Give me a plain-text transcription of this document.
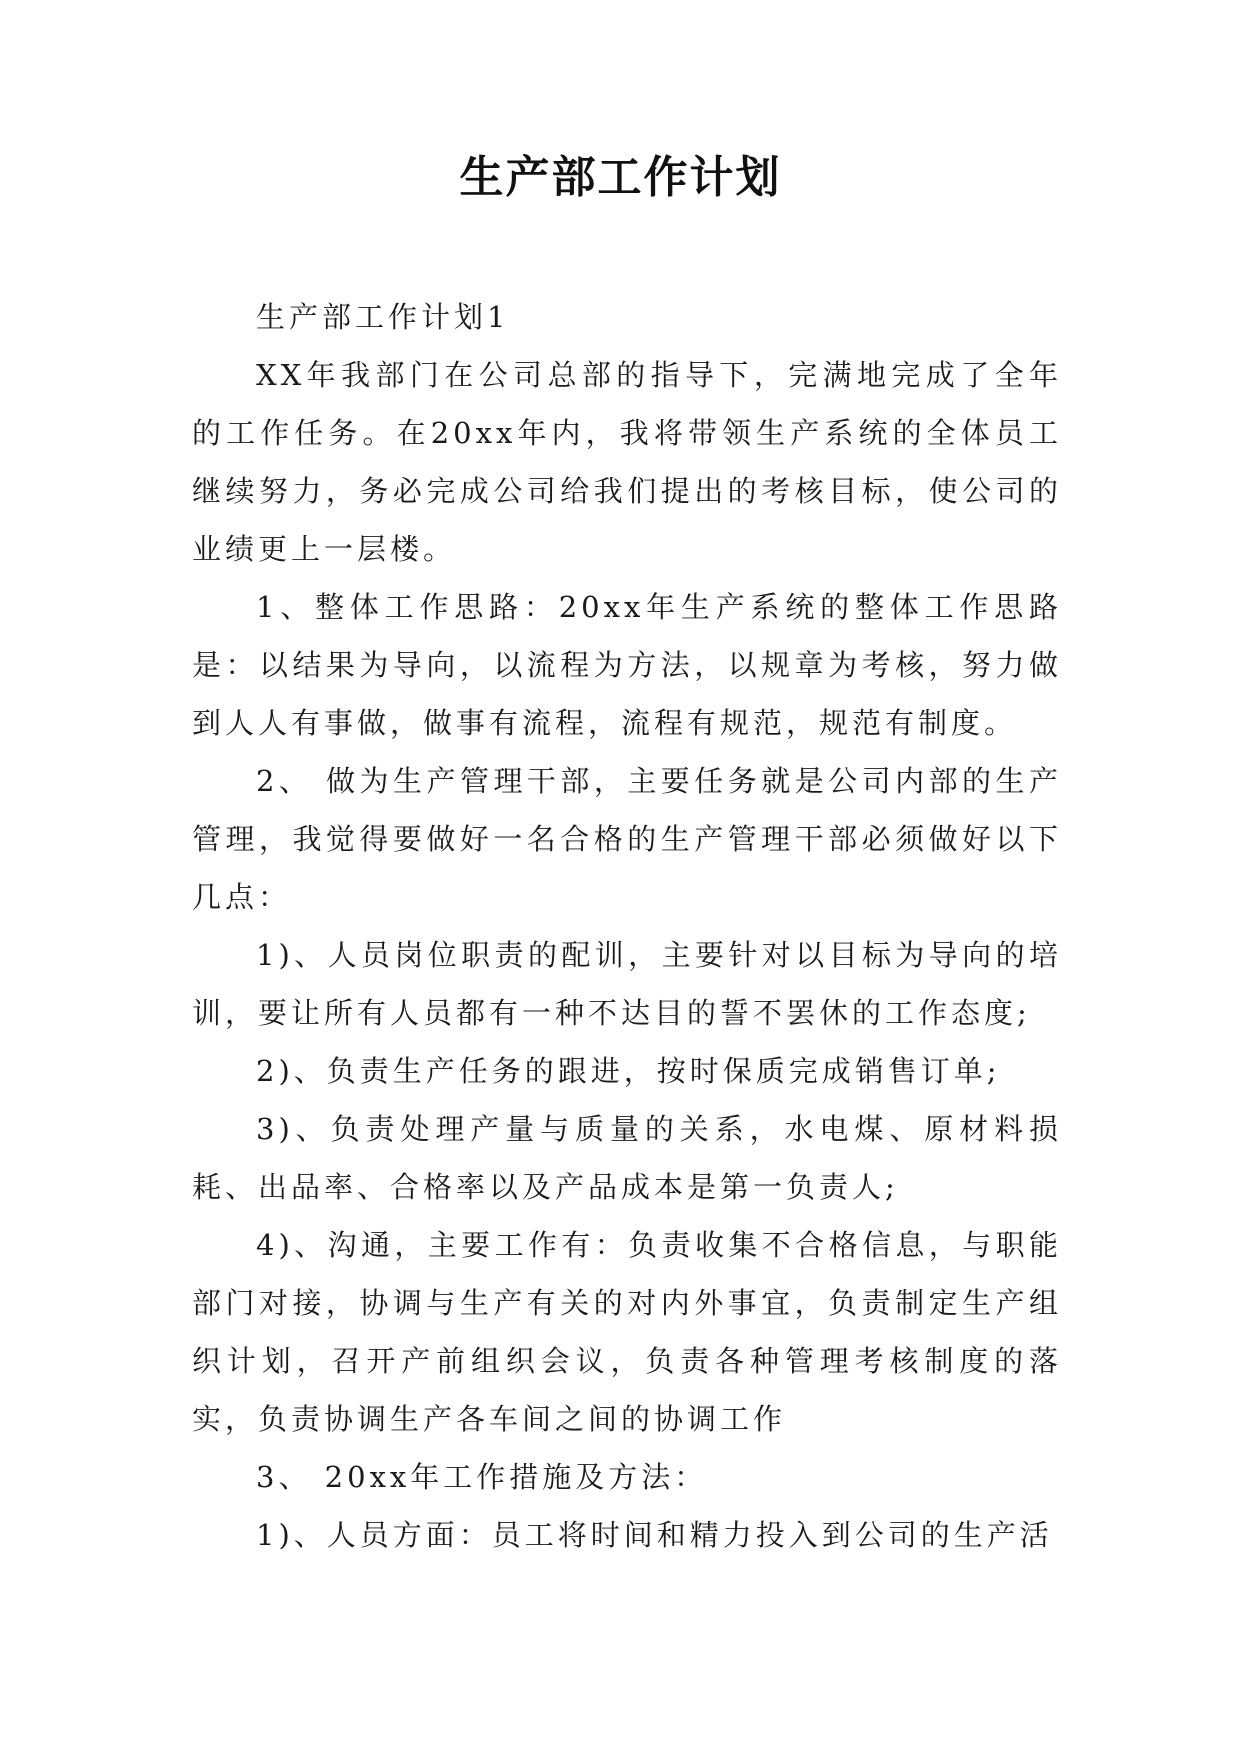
生产部工作计划

生产部工作计划1

XX年我部门在公司总部的指导下，完满地完成了全年的工作任务。在20xx年内，我将带领生产系统的全体员工继续努力，务必完成公司给我们提出的考核目标，使公司的业绩更上一层楼。

1、整体工作思路：20xx年生产系统的整体工作思路是：以结果为导向，以流程为方法，以规章为考核，努力做到人人有事做，做事有流程，流程有规范，规范有制度。

2、 做为生产管理干部，主要任务就是公司内部的生产管理，我觉得要做好一名合格的生产管理干部必须做好以下几点：

1)、人员岗位职责的配训，主要针对以目标为导向的培训，要让所有人员都有一种不达目的誓不罢休的工作态度;

2)、负责生产任务的跟进，按时保质完成销售订单;

3)、负责处理产量与质量的关系，水电煤、原材料损耗、出品率、合格率以及产品成本是第一负责人;

4)、沟通，主要工作有：负责收集不合格信息，与职能部门对接，协调与生产有关的对内外事宜，负责制定生产组织计划，召开产前组织会议，负责各种管理考核制度的落实，负责协调生产各车间之间的协调工作

3、 20xx年工作措施及方法：

1)、人员方面：员工将时间和精力投入到公司的生产活
